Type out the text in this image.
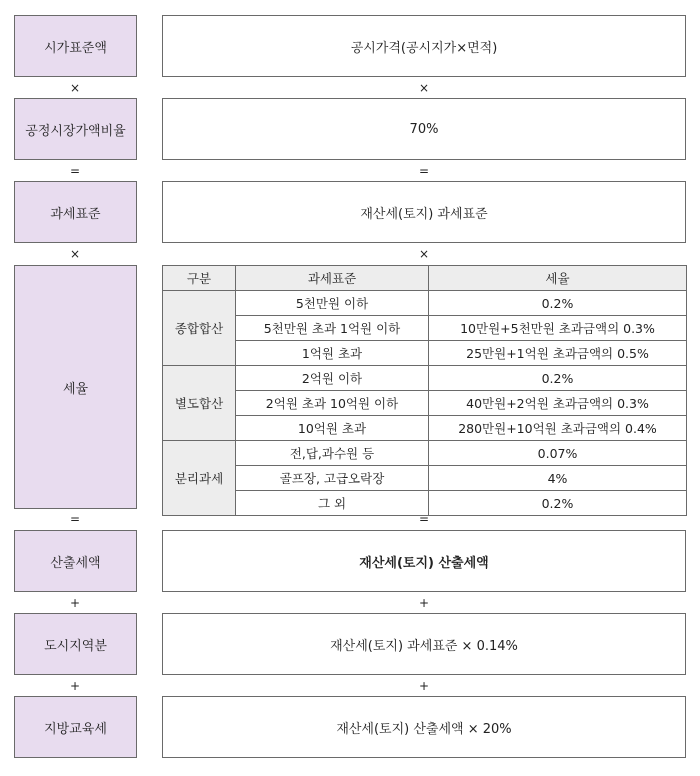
시가표준액	공시가격(공시지가×면적)
×	×
공정시장가액비율	70%
=	=
과세표준	재산세(토지) 과세표준
×	×
세율
구분	과세표준	세율
종합합산	5천만원 이하	0.2%
	5천만원 초과 1억원 이하	10만원+5천만원 초과금액의 0.3%
	1억원 초과	25만원+1억원 초과금액의 0.5%
별도합산	2억원 이하	0.2%
	2억원 초과 10억원 이하	40만원+2억원 초과금액의 0.3%
	10억원 초과	280만원+10억원 초과금액의 0.4%
분리과세	전,답,과수원 등	0.07%
	골프장, 고급오락장	4%
	그 외	0.2%
=	=
산출세액	재산세(토지) 산출세액
+	+
도시지역분	재산세(토지) 과세표준 × 0.14%
+	+
지방교육세	재산세(토지) 산출세액 × 20%
